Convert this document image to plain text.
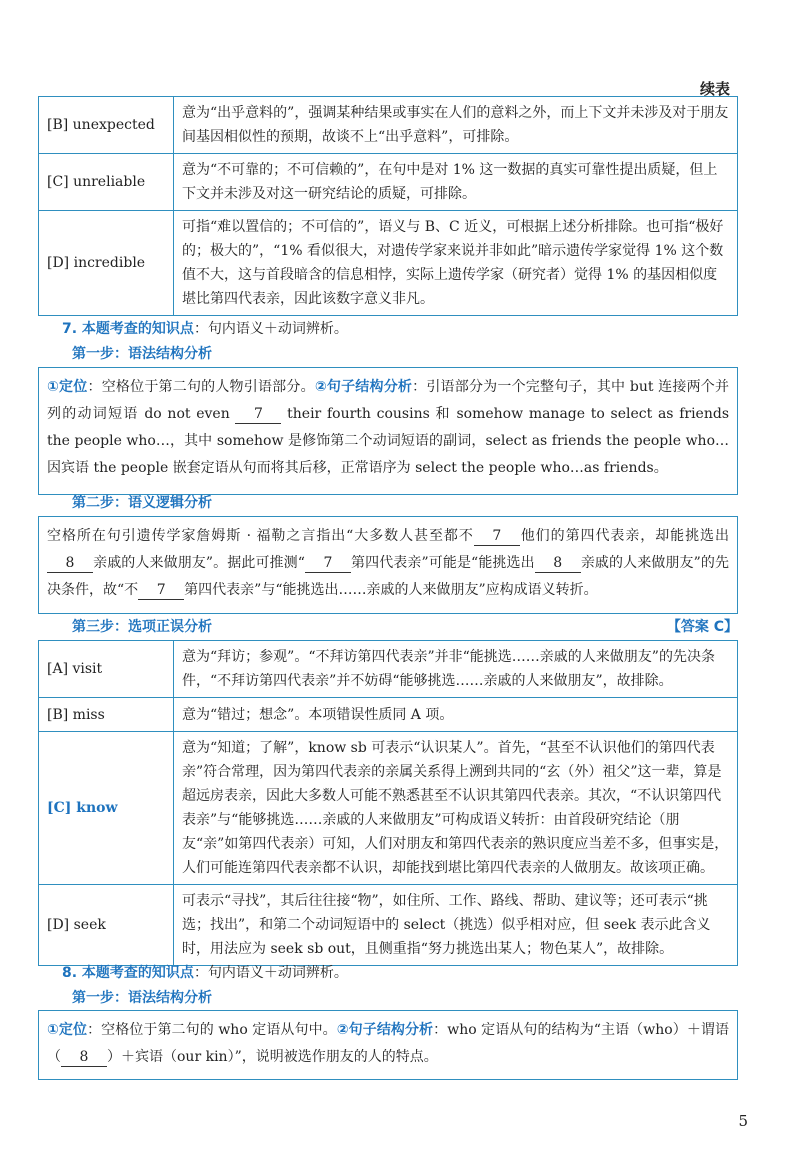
续表
[B] unexpected	意为“出乎意料的”，强调某种结果或事实在人们的意料之外，而上下文并未涉及对于朋友间基因相似性的预期，故谈不上“出乎意料”，可排除。
[C] unreliable	意为“不可靠的；不可信赖的”，在句中是对 1% 这一数据的真实可靠性提出质疑，但上下文并未涉及对这一研究结论的质疑，可排除。
[D] incredible	可指“难以置信的；不可信的”，语义与 B、C 近义，可根据上述分析排除。也可指“极好的；极大的”，“1% 看似很大，对遗传学家来说并非如此”暗示遗传学家觉得 1% 这个数值不大，这与首段暗含的信息相悖，实际上遗传学家（研究者）觉得 1% 的基因相似度堪比第四代表亲，因此该数字意义非凡。
7. 本题考查的知识点：句内语义＋动词辨析。
第一步：语法结构分析
①定位：空格位于第二句的人物引语部分。②句子结构分析：引语部分为一个完整句子，其中 but 连接两个并列的动词短语 do not even 7 their fourth cousins 和 somehow manage to select as friends the people who…，其中 somehow 是修饰第二个动词短语的副词，select as friends the people who…因宾语 the people 嵌套定语从句而将其后移，正常语序为 select the people who…as friends。
第二步：语义逻辑分析
空格所在句引遗传学家詹姆斯 · 福勒之言指出“大多数人甚至都不 7 他们的第四代表亲，却能挑选出8 亲戚的人来做朋友”。据此可推测“ 7 第四代表亲”可能是“能挑选出 8 亲戚的人来做朋友”的先决条件，故“不 7 第四代表亲”与“能挑选出……亲戚的人来做朋友”应构成语义转折。
第三步：选项正误分析	【答案 C】
[A] visit	意为“拜访；参观”。“不拜访第四代表亲”并非“能挑选……亲戚的人来做朋友”的先决条件，“不拜访第四代表亲”并不妨碍“能够挑选……亲戚的人来做朋友”，故排除。
[B] miss	意为“错过；想念”。本项错误性质同 A 项。
[C] know	意为“知道；了解”，know sb 可表示“认识某人”。首先，“甚至不认识他们的第四代表亲”符合常理，因为第四代表亲的亲属关系得上溯到共同的“玄（外）祖父”这一辈，算是超远房表亲，因此大多数人可能不熟悉甚至不认识其第四代表亲。其次，“不认识第四代表亲”与“能够挑选……亲戚的人来做朋友”可构成语义转折：由首段研究结论（朋友“亲”如第四代表亲）可知，人们对朋友和第四代表亲的熟识度应当差不多，但事实是，人们可能连第四代表亲都不认识，却能找到堪比第四代表亲的人做朋友。故该项正确。
[D] seek	可表示“寻找”，其后往往接“物”，如住所、工作、路线、帮助、建议等；还可表示“挑选；找出”，和第二个动词短语中的 select（挑选）似乎相对应，但 seek 表示此含义时，用法应为 seek sb out，且侧重指“努力挑选出某人；物色某人”，故排除。
8. 本题考查的知识点：句内语义＋动词辨析。
第一步：语法结构分析
①定位：空格位于第二句的 who 定语从句中。②句子结构分析：who 定语从句的结构为“主语（who）＋谓语（ 8 ）＋宾语（our kin）”，说明被选作朋友的人的特点。
5
